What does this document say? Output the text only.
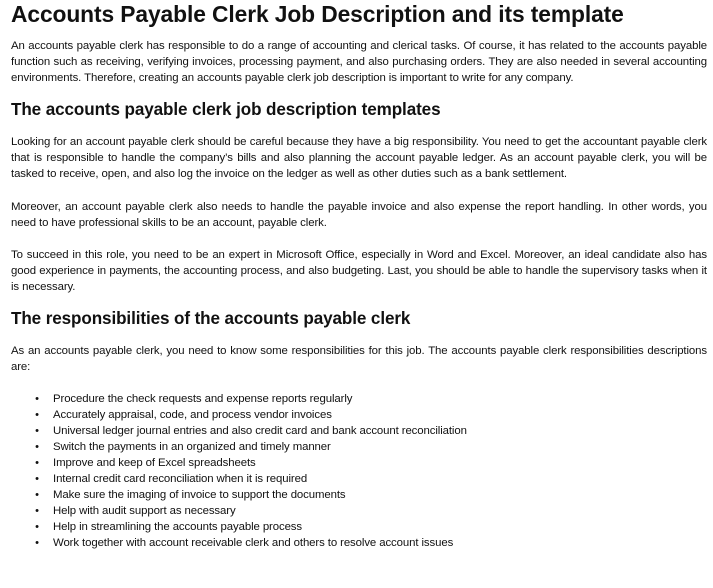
Accounts Payable Clerk Job Description and its template

An accounts payable clerk has responsible to do a range of accounting and clerical tasks. Of course, it has related to the accounts payable function such as receiving, verifying invoices, processing payment, and also purchasing orders. They are also needed in several accounting environments. Therefore, creating an accounts payable clerk job description is important to write for any company.

The accounts payable clerk job description templates

Looking for an account payable clerk should be careful because they have a big responsibility. You need to get the accountant payable clerk that is responsible to handle the company’s bills and also planning the account payable ledger. As an account payable clerk, you will be tasked to receive, open, and also log the invoice on the ledger as well as other duties such as a bank settlement.

Moreover, an account payable clerk also needs to handle the payable invoice and also expense the report handling. In other words, you need to have professional skills to be an account, payable clerk.

To succeed in this role, you need to be an expert in Microsoft Office, especially in Word and Excel. Moreover, an ideal candidate also has good experience in payments, the accounting process, and also budgeting. Last, you should be able to handle the supervisory tasks when it is necessary.

The responsibilities of the accounts payable clerk

As an accounts payable clerk, you need to know some responsibilities for this job. The accounts payable clerk responsibilities descriptions are:

• Procedure the check requests and expense reports regularly
• Accurately appraisal, code, and process vendor invoices
• Universal ledger journal entries and also credit card and bank account reconciliation
• Switch the payments in an organized and timely manner
• Improve and keep of Excel spreadsheets
• Internal credit card reconciliation when it is required
• Make sure the imaging of invoice to support the documents
• Help with audit support as necessary
• Help in streamlining the accounts payable process
• Work together with account receivable clerk and others to resolve account issues
